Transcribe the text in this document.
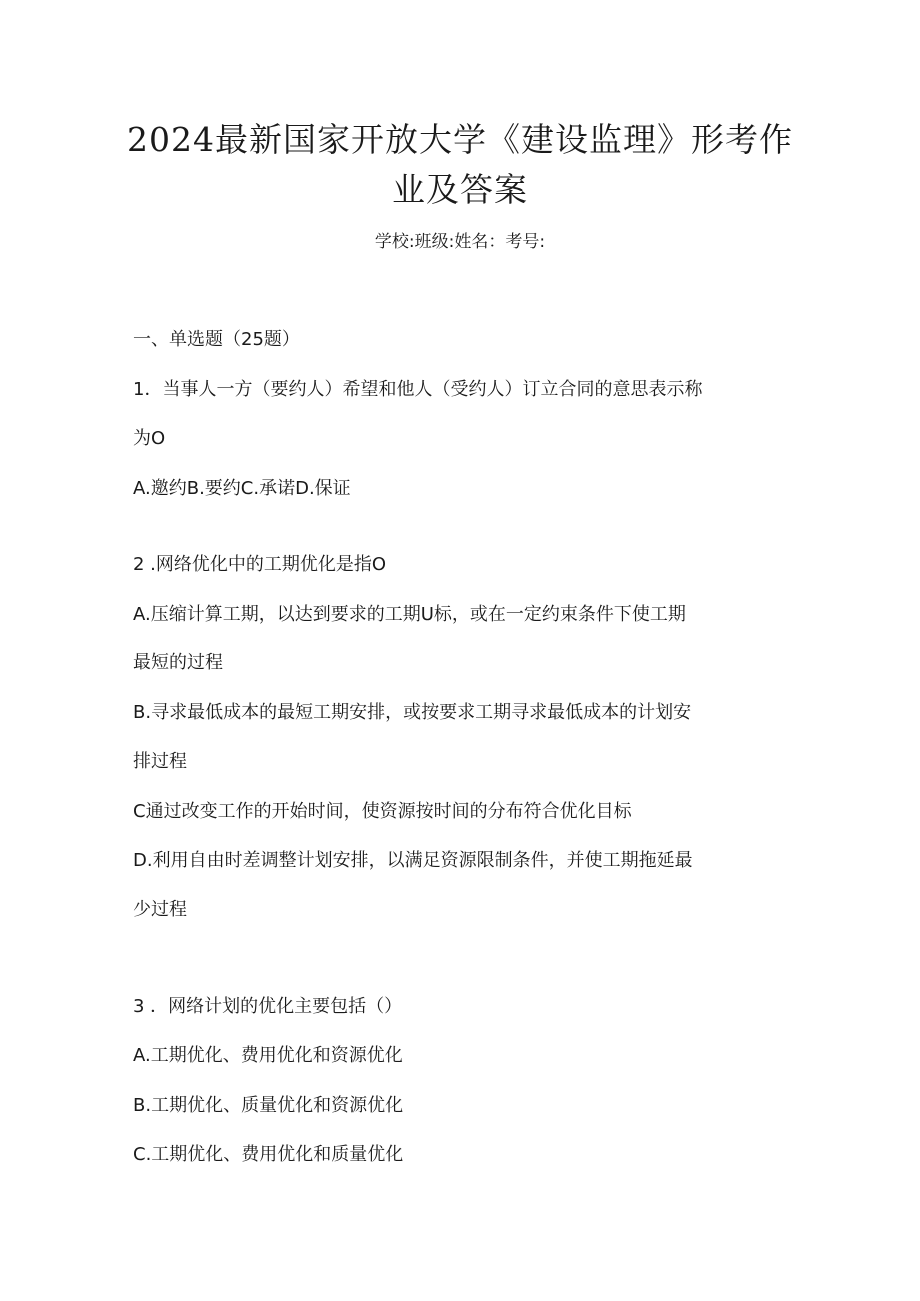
2024最新国家开放大学《建设监理》形考作
业及答案
学校:班级:姓名：考号:
一、单选题（25题）
1．当事人一方（要约人）希望和他人（受约人）订立合同的意思表示称
为O
A.邀约B.要约C.承诺D.保证
2 .网络优化中的工期优化是指O
A.压缩计算工期，以达到要求的工期U标，或在一定约束条件下使工期
最短的过程
B.寻求最低成本的最短工期安排，或按要求工期寻求最低成本的计划安
排过程
C通过改变工作的开始时间，使资源按时间的分布符合优化目标
D.利用自由时差调整计划安排，以满足资源限制条件，并使工期拖延最
少过程
3 ．网络计划的优化主要包括（）
A.工期优化、费用优化和资源优化
B.工期优化、质量优化和资源优化
C.工期优化、费用优化和质量优化
